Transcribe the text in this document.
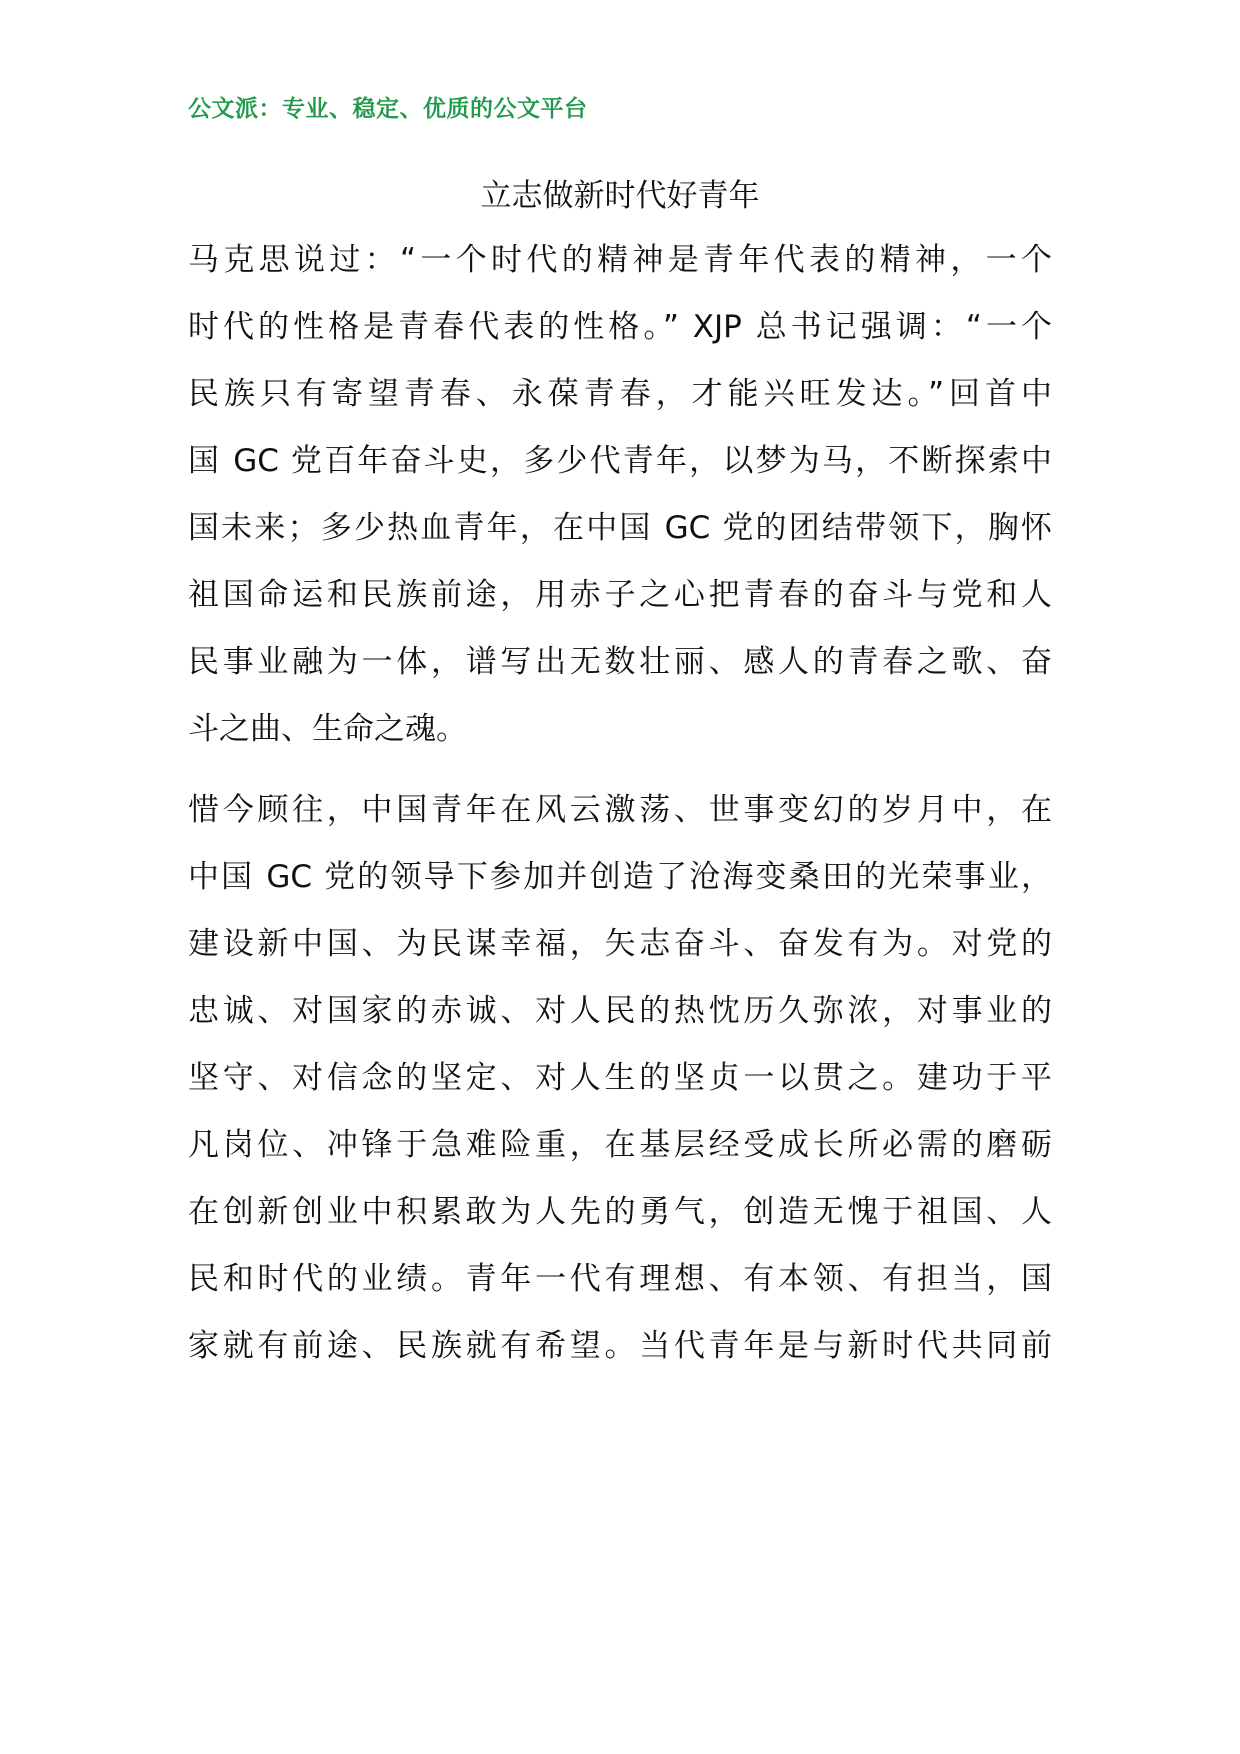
公文派：专业、稳定、优质的公文平台
立志做新时代好青年
马克思说过：“一个时代的精神是青年代表的精神，一个
时代的性格是青春代表的性格。” XJP 总书记强调：“一个
民族只有寄望青春、永葆青春，才能兴旺发达。”回首中
国 GC 党百年奋斗史，多少代青年，以梦为马，不断探索中
国未来；多少热血青年，在中国 GC 党的团结带领下，胸怀
祖国命运和民族前途，用赤子之心把青春的奋斗与党和人
民事业融为一体，谱写出无数壮丽、感人的青春之歌、奋
斗之曲、生命之魂。
惜今顾往，中国青年在风云激荡、世事变幻的岁月中，在
中国 GC 党的领导下参加并创造了沧海变桑田的光荣事业，
建设新中国、为民谋幸福，矢志奋斗、奋发有为。对党的
忠诚、对国家的赤诚、对人民的热忱历久弥浓，对事业的
坚守、对信念的坚定、对人生的坚贞一以贯之。建功于平
凡岗位、冲锋于急难险重，在基层经受成长所必需的磨砺
在创新创业中积累敢为人先的勇气，创造无愧于祖国、人
民和时代的业绩。青年一代有理想、有本领、有担当，国
家就有前途、民族就有希望。当代青年是与新时代共同前
